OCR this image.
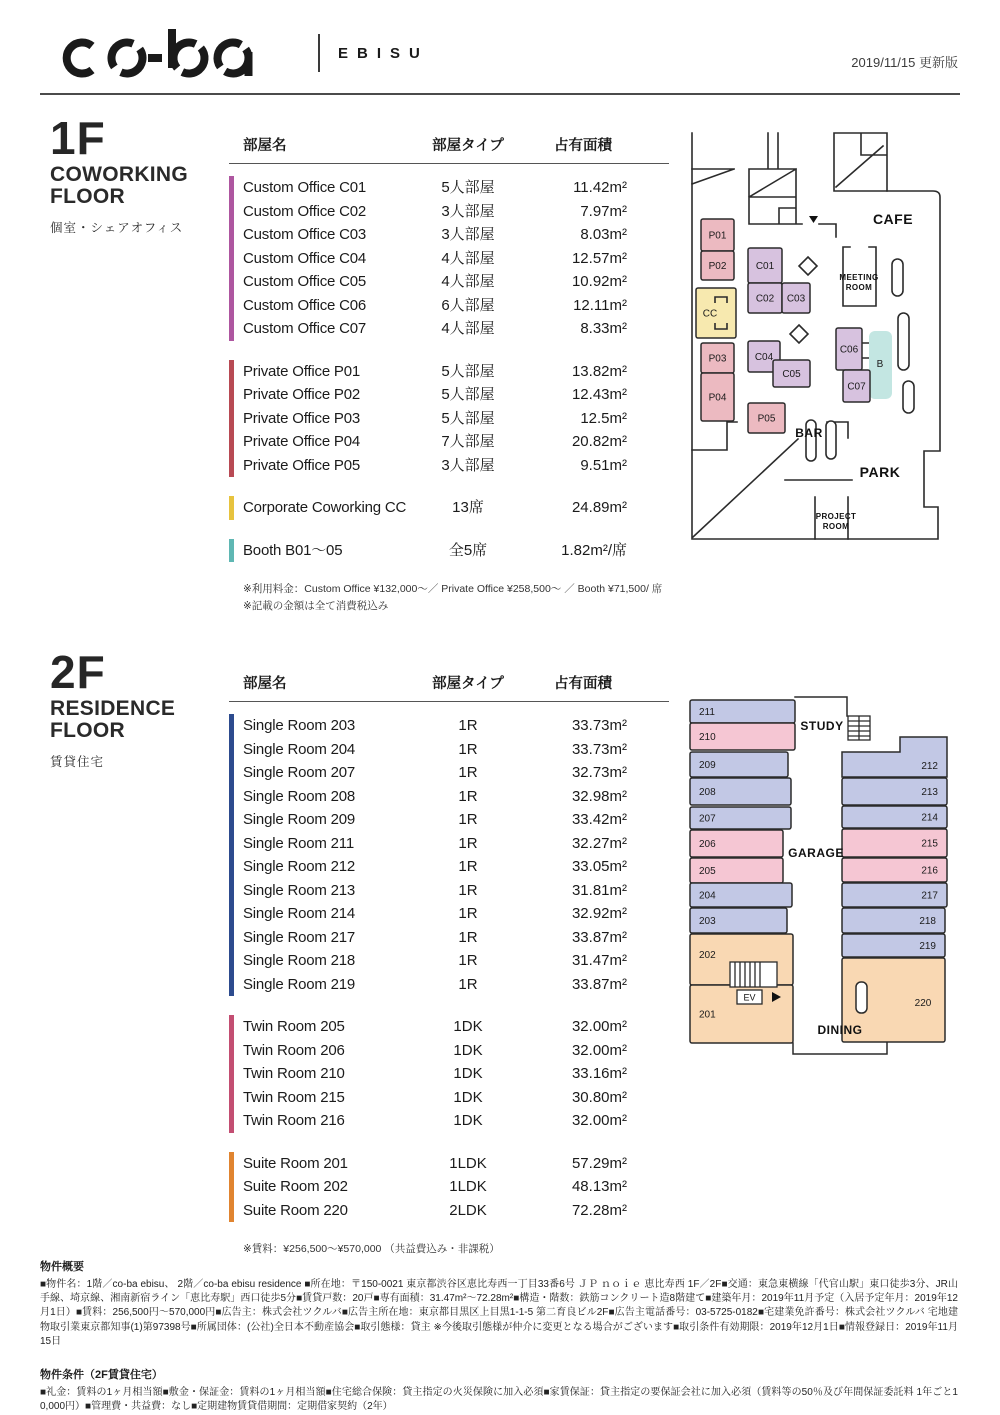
EBISU
2019/11/15 更新版
1F
COWORKING
FLOOR
個室・シェアオフィス
部屋名	部屋タイプ	占有面積
Custom Office C01	5人部屋	11.42m²
Custom Office C02	3人部屋	7.97m²
Custom Office C03	3人部屋	8.03m²
Custom Office C04	4人部屋	12.57m²
Custom Office C05	4人部屋	10.92m²
Custom Office C06	6人部屋	12.11m²
Custom Office C07	4人部屋	8.33m²
Private Office P01	5人部屋	13.82m²
Private Office P02	5人部屋	12.43m²
Private Office P03	5人部屋	12.5m²
Private Office P04	7人部屋	20.82m²
Private Office P05	3人部屋	9.51m²
Corporate Coworking CC	13席	24.89m²
Booth B01〜05	全5席	1.82m²/席
※利用料金：Custom Office ¥132,000〜／ Private Office ¥258,500〜 ／ Booth ¥71,500/ 席
※記載の金額は全て消費税込み
P01
P02
CC
P03
P04
C01
C02 C03
C04
C05
C06
C07
P05
CAFE
MEETING
ROOM
BAR
PARK
PROJECT
ROOM
B
2F
RESIDENCE
FLOOR
賃貸住宅
部屋名	部屋タイプ	占有面積
Single Room 203	1R	33.73m²
Single Room 204	1R	33.73m²
Single Room 207	1R	32.73m²
Single Room 208	1R	32.98m²
Single Room 209	1R	33.42m²
Single Room 211	1R	32.27m²
Single Room 212	1R	33.05m²
Single Room 213	1R	31.81m²
Single Room 214	1R	32.92m²
Single Room 217	1R	33.87m²
Single Room 218	1R	31.47m²
Single Room 219	1R	33.87m²
Twin Room 205	1DK	32.00m²
Twin Room 206	1DK	32.00m²
Twin Room 210	1DK	33.16m²
Twin Room 215	1DK	30.80m²
Twin Room 216	1DK	32.00m²
Suite Room 201	1LDK	57.29m²
Suite Room 202	1LDK	48.13m²
Suite Room 220	2LDK	72.28m²
※賃料：¥256,500〜¥570,000 （共益費込み・非課税）
212
211
210
209
208
207
206
205
204
203
202
201
213
214
215
216
217
218
219
220
EV
STUDY
GARAGE
DINING
物件概要
■物件名：1階／co-ba ebisu、 2階／co-ba ebisu residence ■所在地：〒150-0021 東京都渋谷区恵比寿西一丁目33番6号 ＪＰ ｎｏｉｅ 恵比寿西 1F／2F■交通：東急東横線「代官山駅」東口徒歩3分、JR山手線、埼京線、湘南新宿ライン「恵比寿駅」西口徒歩5分■賃貸戸数：20戸■専有面積：31.47m²〜72.28m²■構造・階数：鉄筋コンクリート造8階建て■建築年月：2019年11月予定（入居予定年月：2019年12月1日）■賃料：256,500円〜570,000円■広告主：株式会社ツクルバ■広告主所在地：東京都目黒区上目黒1-1-5 第二育良ビル2F■広告主電話番号：03-5725-0182■宅建業免許番号：株式会社ツクルバ 宅地建物取引業東京都知事(1)第97398号■所属団体：(公社)全日本不動産協会■取引態様：貸主 ※今後取引態様が仲介に変更となる場合がございます■取引条件有効期限：2019年12月1日■情報登録日：2019年11月15日
物件条件（2F賃貸住宅）
■礼金：賃料の1ヶ月相当額■敷金・保証金：賃料の1ヶ月相当額■住宅総合保険：貸主指定の火災保険に加入必須■家賃保証：貸主指定の要保証会社に加入必須（賃料等の50％及び年間保証委託料 1年ごと10,000円）■管理費・共益費：なし■定期建物賃貸借期間：定期借家契約（2年）
